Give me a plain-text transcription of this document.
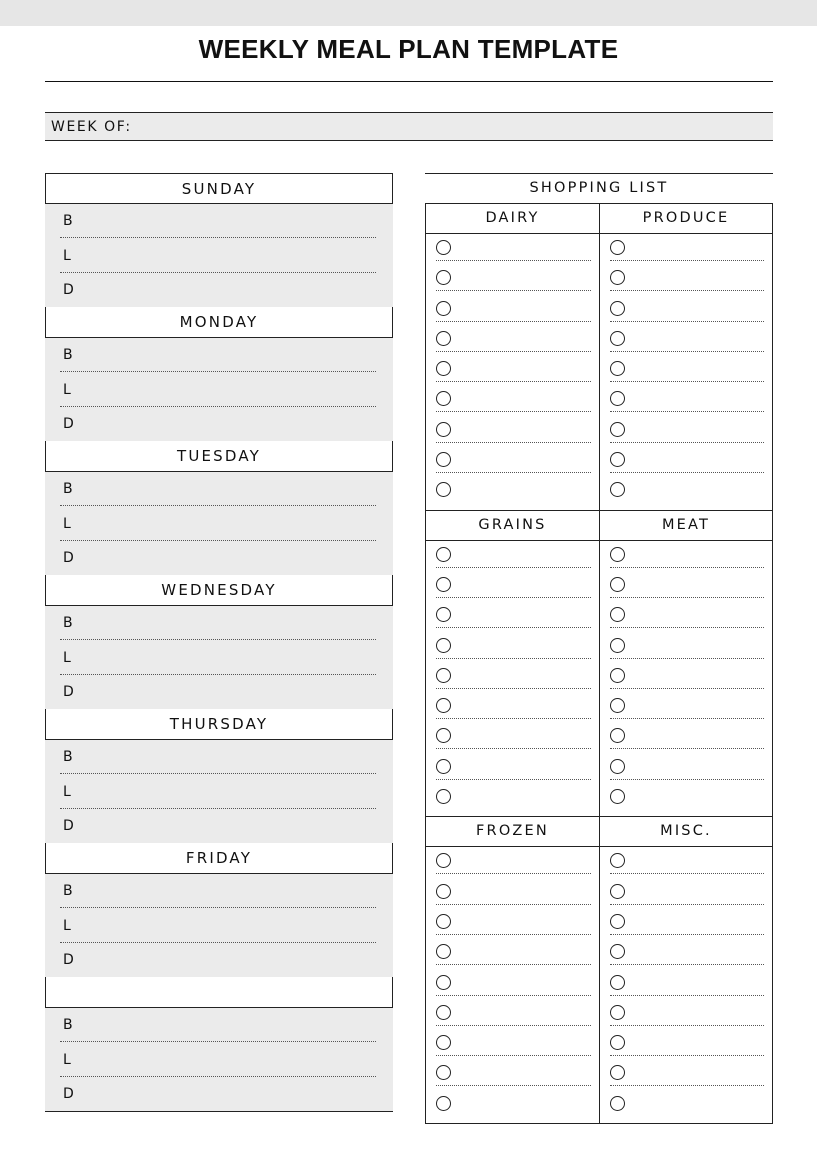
WEEKLY MEAL PLAN TEMPLATE
WEEK OF:
SUNDAY
B
L
D
MONDAY
B
L
D
TUESDAY
B
L
D
WEDNESDAY
B
L
D
THURSDAY
B
L
D
FRIDAY
B
L
D
B
L
D
SHOPPING LIST
DAIRY	PRODUCE
GRAINS	MEAT
FROZEN	MISC.
